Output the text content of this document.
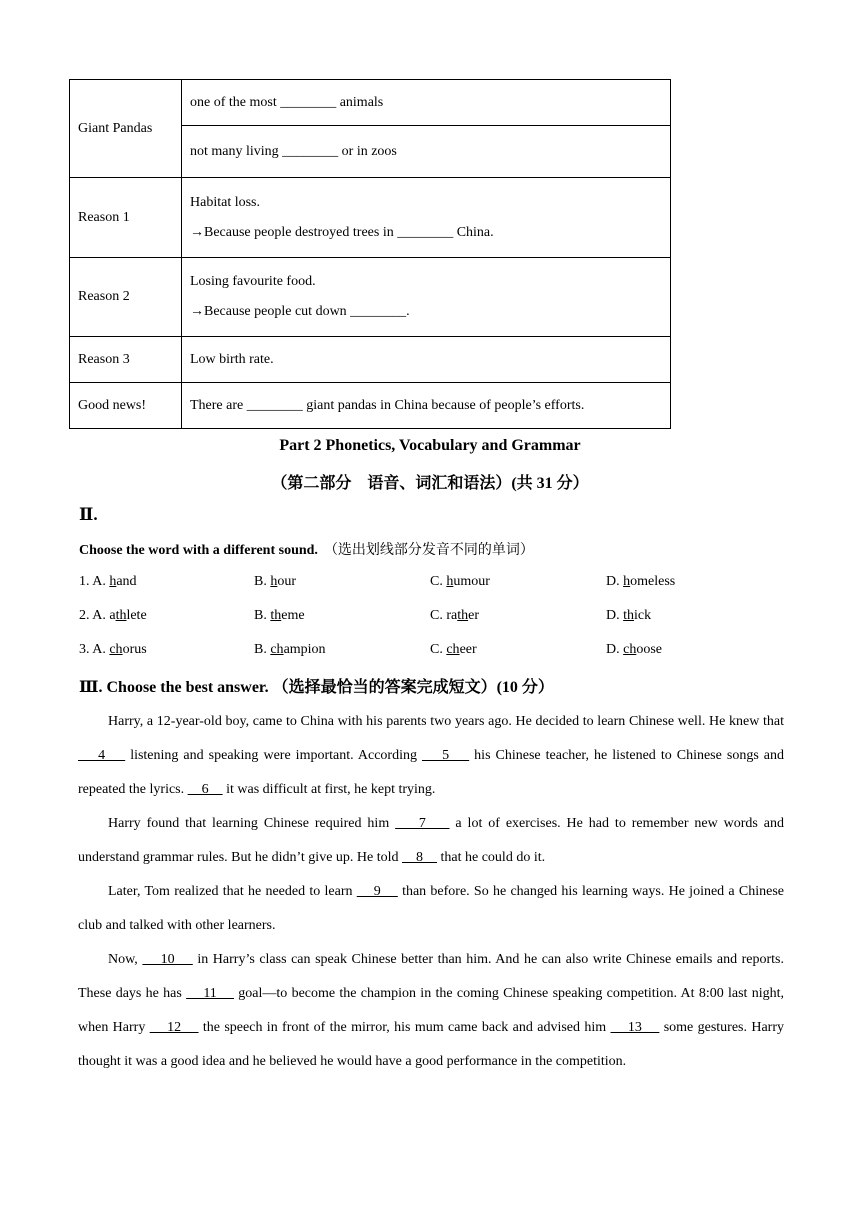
Giant Pandas	one of the most ________ animals
	not many living ________ or in zoos
Reason 1	Habitat loss.
→Because people destroyed trees in ________ China.

Reason 2	Losing favourite food.
→Because people cut down ________.

Reason 3	Low birth rate.
Good news!	There are ________ giant pandas in China because of people’s efforts.
Part 2 Phonetics, Vocabulary and Grammar
（第二部分　语音、词汇和语法）(共 31 分）
Ⅱ.
Choose the word with a different sound. （选出划线部分发音不同的单词）
1. A. hand	B. hour	C. humour	D. homeless
2. A. athlete	B. theme	C. rather	D. thick
3. A. chorus	B. champion	C. cheer	D. choose
Ⅲ. Choose the best answer. （选择最恰当的答案完成短文）(10 分）

Harry, a 12-year-old boy, came to China with his parents two years ago. He decided to learn Chinese well. He knew that     4     listening and speaking were important. According     5     his Chinese teacher, he listened to Chinese songs and repeated the lyrics.     6     it was difficult at first, he kept trying.

Harry found that learning Chinese required him     7     a lot of exercises. He had to remember new words and understand grammar rules. But he didn’t give up. He told     8     that he could do it.

Later, Tom realized that he needed to learn     9     than before. So he changed his learning ways. He joined a Chinese club and talked with other learners.

Now,     10     in Harry’s class can speak Chinese better than him. And he can also write Chinese emails and reports. These days he has     11     goal—to become the champion in the coming Chinese speaking competition. At 8:00 last night, when Harry     12     the speech in front of the mirror, his mum came back and advised him     13     some gestures. Harry thought it was a good idea and he believed he would have a good performance in the competition.
